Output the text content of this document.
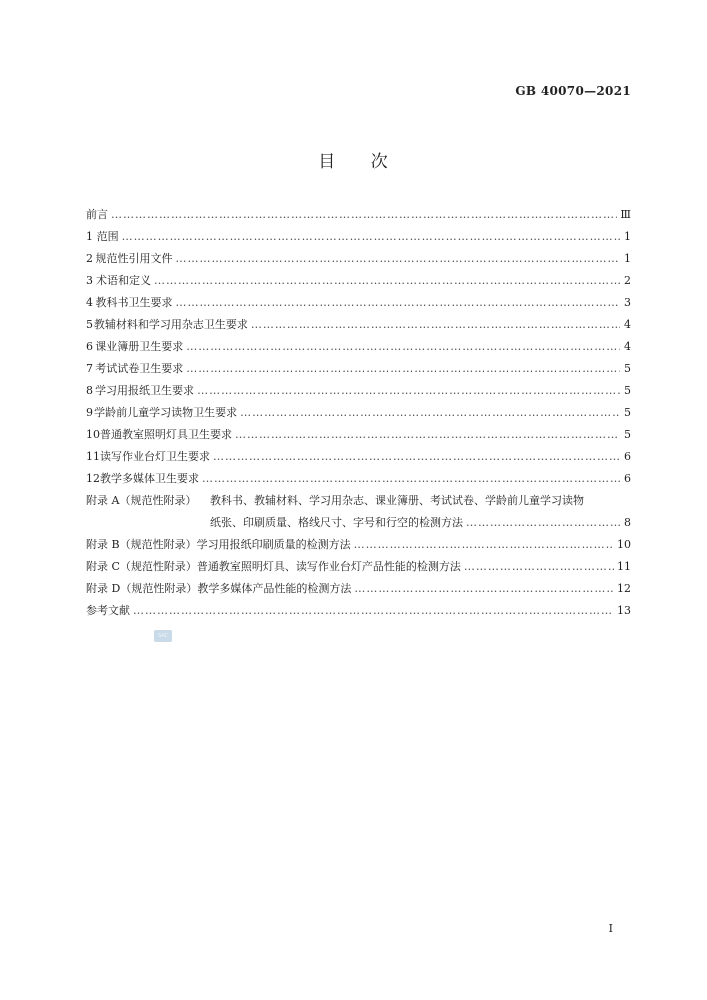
GB 40070—2021
目 次
前言 …………………………………………………………………………………………………………………………………………………………………………………………	Ⅲ
1 范围 …………………………………………………………………………………………………………………………………………………………………………………………	1
2 规范性引用文件 …………………………………………………………………………………………………………………………………………………………………………………………	1
3 术语和定义 …………………………………………………………………………………………………………………………………………………………………………………………	2
4 教科书卫生要求 …………………………………………………………………………………………………………………………………………………………………………………………	3
5 教辅材料和学习用杂志卫生要求 …………………………………………………………………………………………………………………………………………………………………………………………	4
6 课业簿册卫生要求 …………………………………………………………………………………………………………………………………………………………………………………………	4
7 考试试卷卫生要求 …………………………………………………………………………………………………………………………………………………………………………………………	5
8 学习用报纸卫生要求 …………………………………………………………………………………………………………………………………………………………………………………………	5
9 学龄前儿童学习读物卫生要求 …………………………………………………………………………………………………………………………………………………………………………………………	5
10 普通教室照明灯具卫生要求 …………………………………………………………………………………………………………………………………………………………………………………………	5
11 读写作业台灯卫生要求 …………………………………………………………………………………………………………………………………………………………………………………………	6
12 教学多媒体卫生要求 …………………………………………………………………………………………………………………………………………………………………………………………	6
附录 A（规范性附录）	教科书、教辅材料、学习用杂志、课业簿册、考试试卷、学龄前儿童学习读物
纸张、印刷质量、格线尺寸、字号和行空的检测方法 …………………………………………………………………………………………………………………………………………………………………………………………	8
附录 B（规范性附录） 学习用报纸印刷质量的检测方法 …………………………………………………………………………………………………………………………………………………………………………………………	10
附录 C（规范性附录） 普通教室照明灯具、读写作业台灯产品性能的检测方法 …………………………………………………………………………………………………………………………………………………………………………………………	11
附录 D（规范性附录） 教学多媒体产品性能的检测方法 …………………………………………………………………………………………………………………………………………………………………………………………	12
参考文献 …………………………………………………………………………………………………………………………………………………………………………………………	13
SAC
I
